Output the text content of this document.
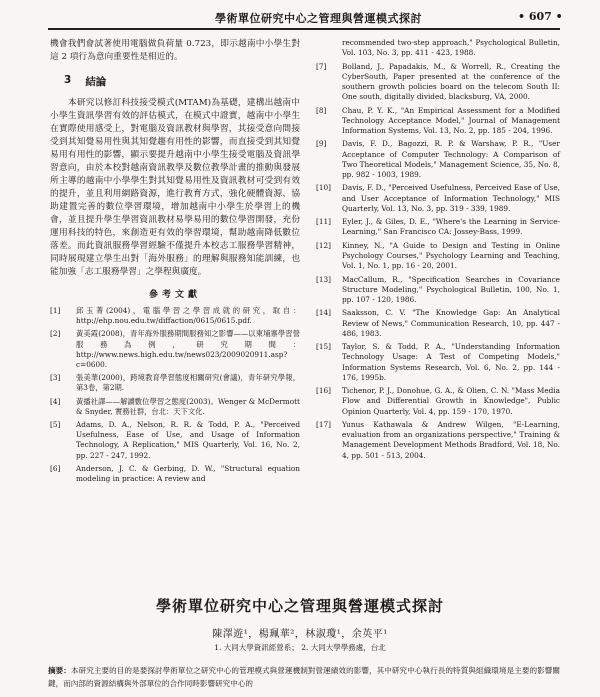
學術單位研究中心之管理與營運模式探討	• 607 •

機會我們會試著使用電腦做負荷量 0.723，即示越南中小學生對這 2 項行為意向重要性是相近的。

3 結論

本研究以修訂科技接受模式(MTAM)為基礎，建構出越南中小學生資訊學習有效的評估模式，在模式中證實，越南中小學生在實際使用感受上，對電腦及資訊教材與學習，其接受意向間接受到其知覺易用性與其知覺趨有用性的影響，而直接受到其知覺易用有用性的影響，顯示要提升越南中小學生接受電腦及資訊學習意向，由於本校對越南資訊教學及數位教學計畫的推動與發展所主導的越南中小學學生對其知覺易用性及資訊教材可受到有效的提升，並且利用網路資源，進行教育方式，強化硬體資源、協助建置完善的數位學習環境，增加越南中小學生於學習上的機會，並且提升學生學習資訊教材易學易用的數位學習開發，充份運用科技的特色，來創造更有效的學習環境，幫助越南降低數位落差。而此資訊服務學習經驗不僅提升本校志工服務學習精神，同時展現建立學生出對「海外服務」的理解與服務知能訓練，也能加強「志工服務學習」之學程與廣度。

參考文獻
[1]	邱玉菁(2004)，電腦學習之學習成就的研究，取自：http://ehp.nou.edu.tw/diffaction/0615/0615.pdf.
[2]	黃美霞(2008)，青年海外服務期間服務知之影響——以柬埔寨學習營服務為例，研究期間：http://www.news.high.edu.tw/news023/2009020911.asp?c=0600.
[3]	張美華(2000)，跨境教育學習態度相關研究(會議)，青年研究學報，第3卷，第2期.
[4]	黃播社譯——解讀數位學習之態度(2003)。Wenger & McDermott & Snyder, 實務社群，台北：天下文化.
[5]	Adams, D. A., Nelson, R. R. & Todd, P. A., "Perceived Usefulness, Ease of Use, and Usage of Information Technology, A Replication," MIS Quarterly, Vol. 16, No. 2, pp. 227 - 247, 1992.
[6]	Anderson, J. C. & Gerbing, D. W., "Structural equation modeling in practice: A review and
recommended two-step approach," Psychological Bulletin, Vol. 103, No. 3, pp. 411 - 423, 1988.
[7]	Bolland, J., Papadakis, M., & Worrell, R., Creating the CyberSouth, Paper presented at the conference of the southern growth policies board on the telecom South II: One south, digitally divided, blacksburg, VA, 2000.
[8]	Chau, P. Y. K., "An Empirical Assessment for a Modified Technology Acceptance Model," Journal of Management Information Systems, Vol. 13, No. 2, pp. 185 - 204, 1996.
[9]	Davis, F. D., Bagozzi, R. P. & Warshaw, P. R., "User Acceptance of Computer Technology: A Comparison of Two Theoretical Models," Management Science, 35, No. 8, pp. 982 - 1003, 1989.
[10]	Davis, F. D., "Perceived Usefulness, Perceived Ease of Use, and User Acceptance of Information Technology," MIS Quarterly, Vol. 13, No. 3, pp. 319 - 339, 1989.
[11]	Eyler, J., & Giles, D. E., "Where's the Learning in Service-Learning," San Francisco CA: Jossey-Bass, 1999.
[12]	Kinney, N., "A Guide to Design and Testing in Online Psychology Courses," Psychology Learning and Teaching, Vol. 1, No. 1, pp. 16 - 20, 2001.
[13]	MacCallum, R., "Specification Searches in Covariance Structure Modeling," Psychological Bulletin, 100, No. 1, pp. 107 - 120, 1986.
[14]	Saaksson, C. V. "The Knowledge Gap: An Analytical Review of News," Communication Research, 10, pp. 447 - 486, 1983.
[15]	Taylor, S. & Todd, P. A., "Understanding Information Technology Usage: A Test of Competing Models," Information Systems Research, Vol. 6, No. 2, pp. 144 - 176, 1995b.
[16]	Tichenor, P. J., Donohue, G. A., & Olien, C. N. "Mass Media Flow and Differential Growth in Knowledge", Public Opinion Quarterly, Vol. 4, pp. 159 - 170, 1970.
[17]	Yunus Kathawala & Andrew Wilgen, "E-Learning, evaluation from an organizations perspective," Training & Management Development Methods Bradford, Vol. 18, No. 4, pp. 501 - 513, 2004.
學術單位研究中心之管理與營運模式探討
陳澤遊¹，楊珮華²，林淑瓊¹，余英平¹
1. 大同大學資訊經營系； 2. 大同大學學務處，台北
摘要：本研究主要的目的是要探討學術單位之研究中心的管理模式與營運機制對營運績效的影響，其中研究中心執行長的特質與組織環境是主要的影響關鍵，而內部的資源結構與外部單位的合作同時影響研究中心的
